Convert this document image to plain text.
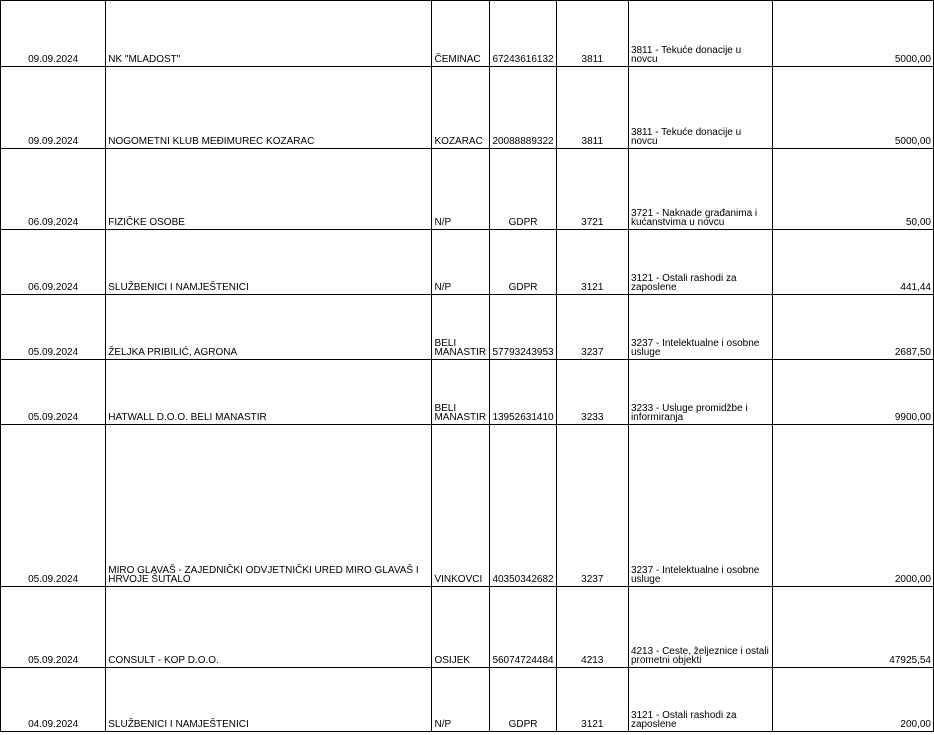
09.09.2024	NK "MLADOST"	ČEMINAC	67243616132	3811	3811 - Tekuće donacije u novcu	5000,00
09.09.2024	NOGOMETNI KLUB MEĐIMUREC KOZARAC	KOZARAC	20088889322	3811	3811 - Tekuće donacije u novcu	5000,00
06.09.2024	FIZIČKE OSOBE	N/P	GDPR	3721	3721 - Naknade građanima i kućanstvima u novcu	50,00
06.09.2024	SLUŽBENICI I NAMJEŠTENICI	N/P	GDPR	3121	3121 - Ostali rashodi za zaposlene	441,44
05.09.2024	ŽELJKA PRIBILIĆ, AGRONA	BELI MANASTIR	57793243953	3237	3237 - Intelektualne i osobne usluge	2687,50
05.09.2024	HATWALL D.O.O. BELI MANASTIR	BELI MANASTIR	13952631410	3233	3233 - Usluge promidžbe i informiranja	9900,00
05.09.2024	MIRO GLAVAŠ - ZAJEDNIČKI ODVJETNIČKI URED MIRO GLAVAŠ I HRVOJE ŠUTALO	VINKOVCI	40350342682	3237	3237 - Intelektualne i osobne usluge	2000,00
05.09.2024	CONSULT - KOP D.O.O.	OSIJEK	56074724484	4213	4213 - Ceste, željeznice i ostali prometni objekti	47925,54
04.09.2024	SLUŽBENICI I NAMJEŠTENICI	N/P	GDPR	3121	3121 - Ostali rashodi za zaposlene	200,00
